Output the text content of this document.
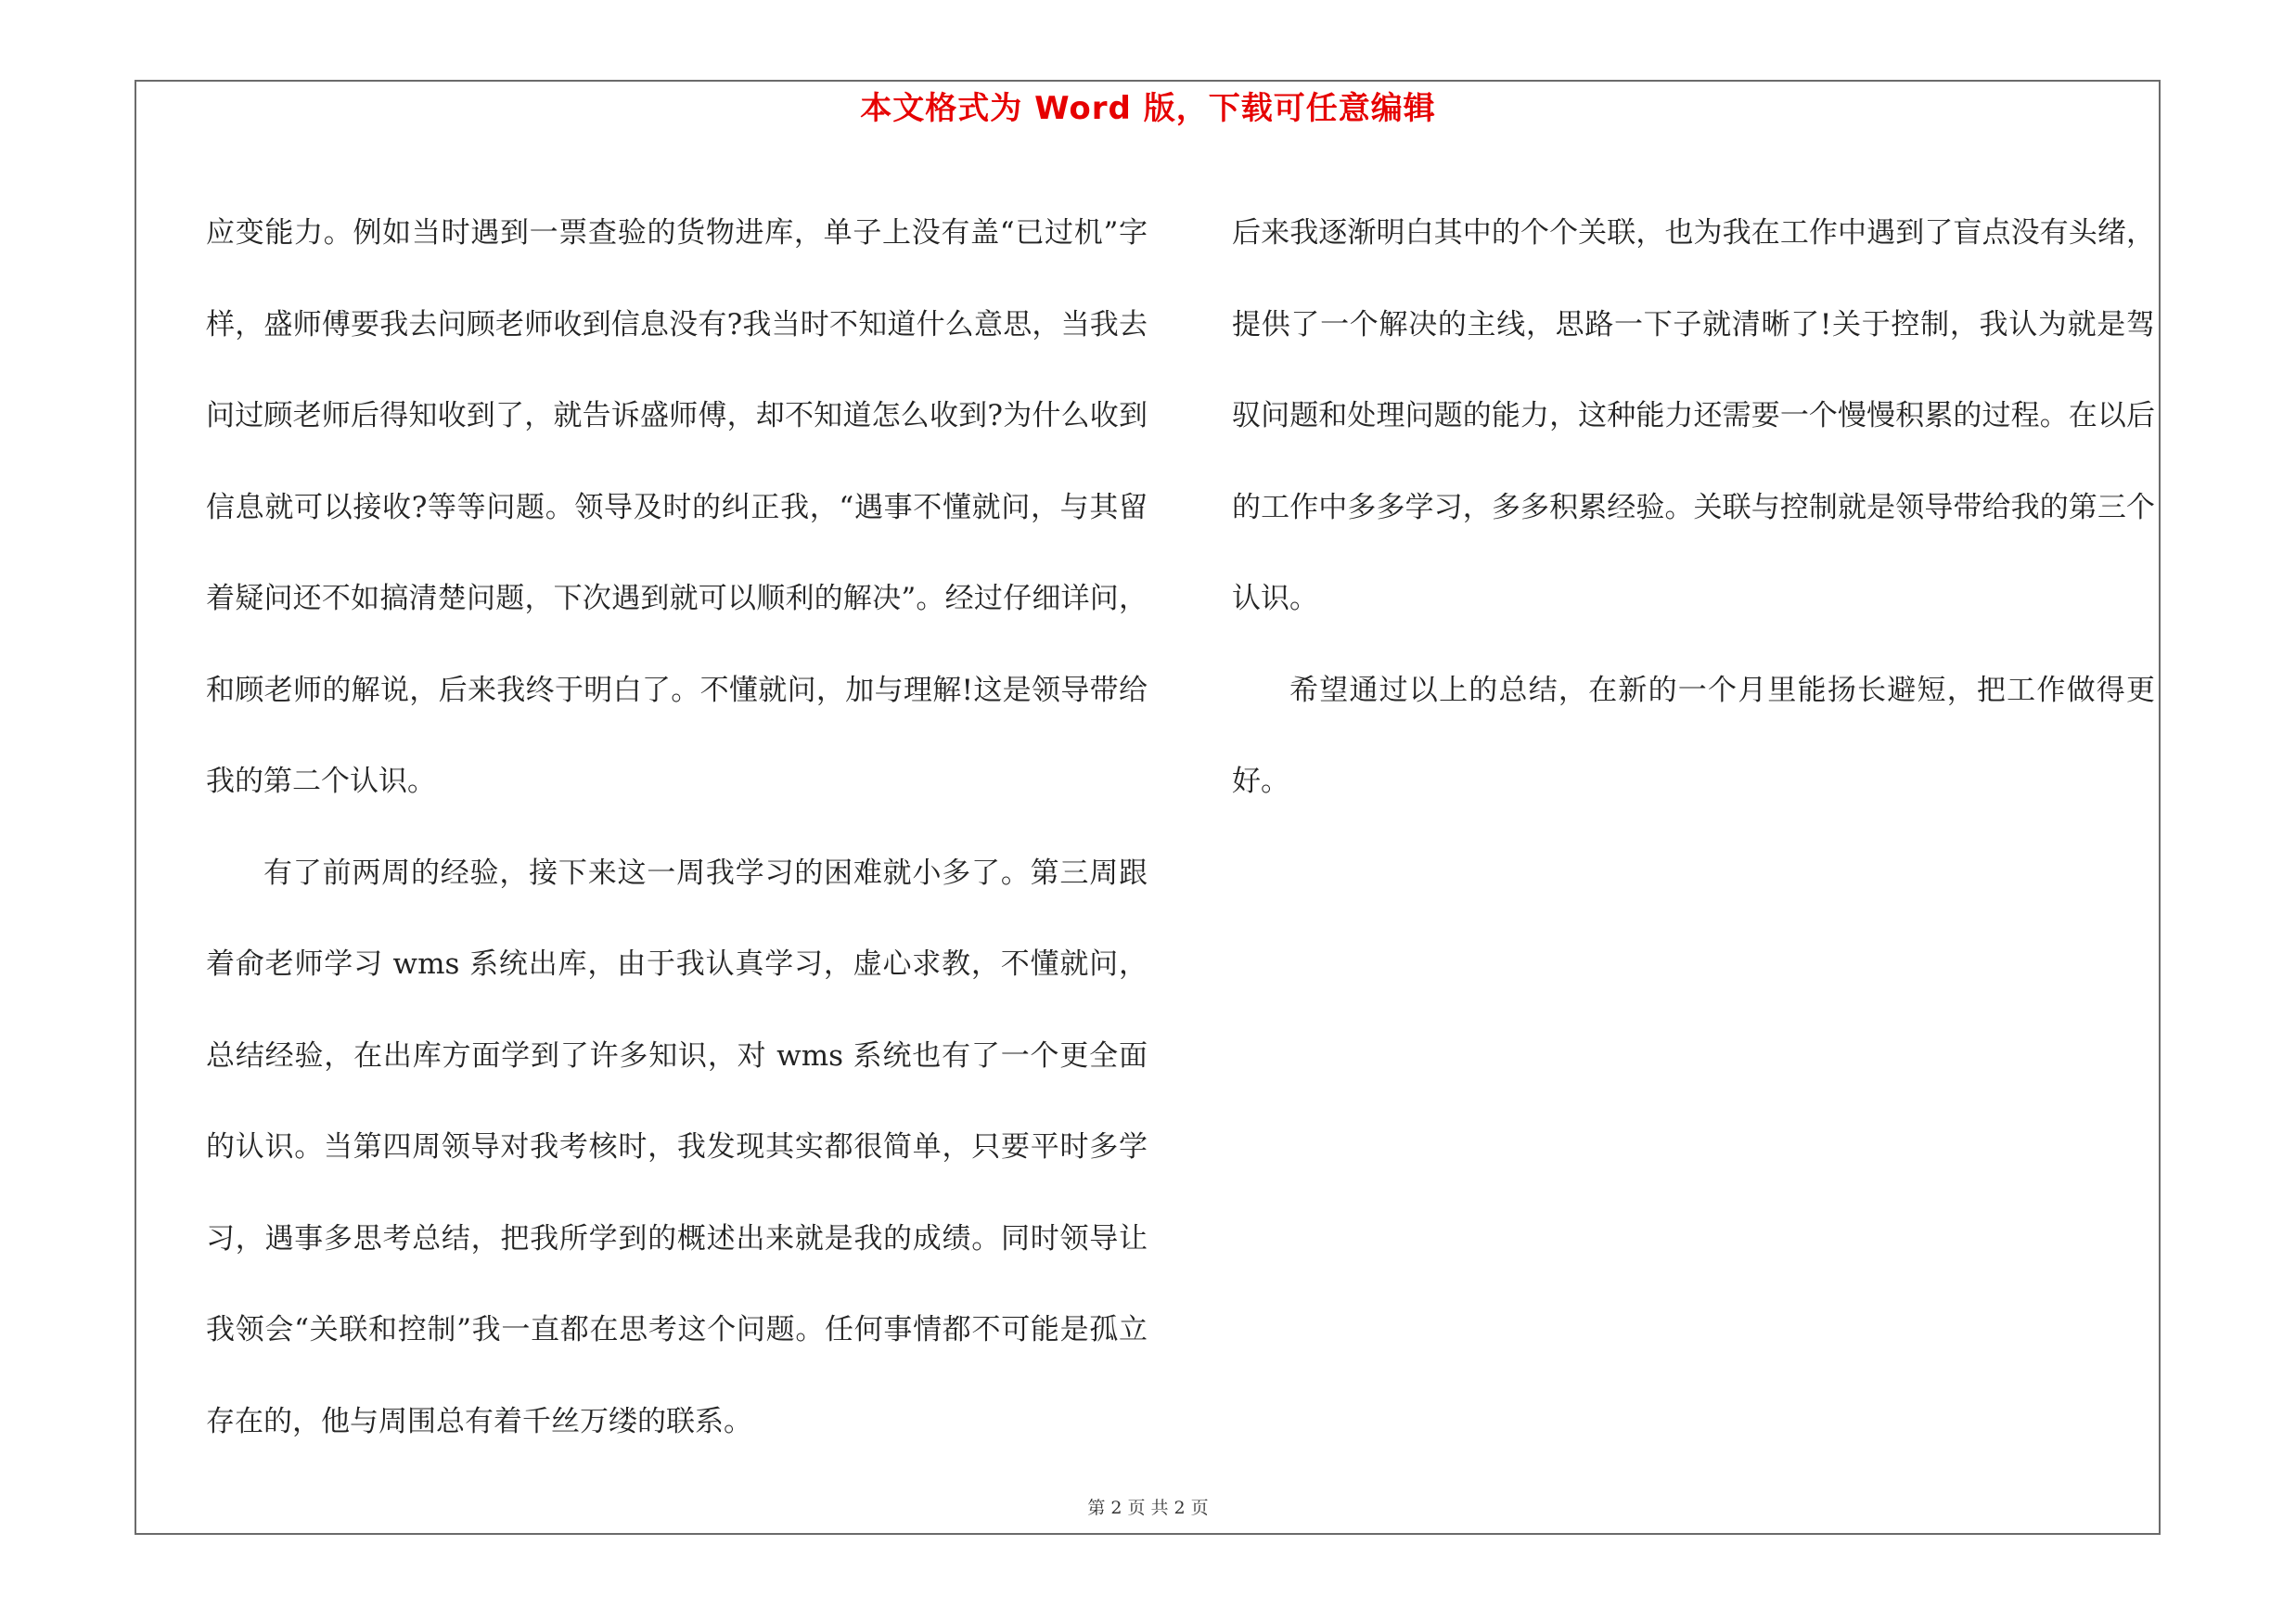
本文格式为 Word 版，下载可任意编辑

应变能力。例如当时遇到一票查验的货物进库，单子上没有盖“已过机”字样，盛师傅要我去问顾老师收到信息没有?我当时不知道什么意思，当我去问过顾老师后得知收到了，就告诉盛师傅，却不知道怎么收到?为什么收到信息就可以接收?等等问题。领导及时的纠正我，“遇事不懂就问，与其留着疑问还不如搞清楚问题，下次遇到就可以顺利的解决”。经过仔细详问，和顾老师的解说，后来我终于明白了。不懂就问，加与理解!这是领导带给我的第二个认识。

有了前两周的经验，接下来这一周我学习的困难就小多了。第三周跟着俞老师学习 wms 系统出库，由于我认真学习，虚心求教，不懂就问，总结经验，在出库方面学到了许多知识，对 wms 系统也有了一个更全面的认识。当第四周领导对我考核时，我发现其实都很简单，只要平时多学习，遇事多思考总结，把我所学到的概述出来就是我的成绩。同时领导让我领会“关联和控制”我一直都在思考这个问题。任何事情都不可能是孤立存在的，他与周围总有着千丝万缕的联系。

后来我逐渐明白其中的个个关联，也为我在工作中遇到了盲点没有头绪，提供了一个解决的主线，思路一下子就清晰了!关于控制，我认为就是驾驭问题和处理问题的能力，这种能力还需要一个慢慢积累的过程。在以后的工作中多多学习，多多积累经验。关联与控制就是领导带给我的第三个认识。

希望通过以上的总结，在新的一个月里能扬长避短，把工作做得更好。

第 2 页 共 2 页
